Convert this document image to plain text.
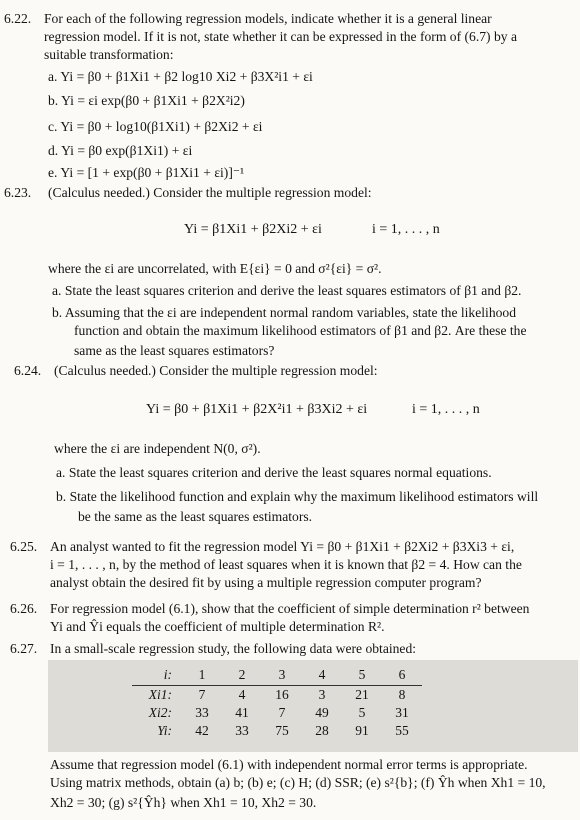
6.22. For each of the following regression models, indicate whether it is a general linear
regression model. If it is not, state whether it can be expressed in the form of (6.7) by a
suitable transformation:
a. Yi = β0 + β1Xi1 + β2 log10 Xi2 + β3X²i1 + εi
b. Yi = εi exp(β0 + β1Xi1 + β2X²i2)
c. Yi = β0 + log10(β1Xi1) + β2Xi2 + εi
d. Yi = β0 exp(β1Xi1) + εi
e. Yi = [1 + exp(β0 + β1Xi1 + εi)]⁻¹
6.23. (Calculus needed.) Consider the multiple regression model:
Yi = β1Xi1 + β2Xi2 + εi	i = 1, . . . , n
where the εi are uncorrelated, with E{εi} = 0 and σ²{εi} = σ².
a. State the least squares criterion and derive the least squares estimators of β1 and β2.
b. Assuming that the εi are independent normal random variables, state the likelihood
function and obtain the maximum likelihood estimators of β1 and β2. Are these the
same as the least squares estimators?
6.24. (Calculus needed.) Consider the multiple regression model:
Yi = β0 + β1Xi1 + β2X²i1 + β3Xi2 + εi	i = 1, . . . , n
where the εi are independent N(0, σ²).
a. State the least squares criterion and derive the least squares normal equations.
b. State the likelihood function and explain why the maximum likelihood estimators will
be the same as the least squares estimators.
6.25. An analyst wanted to fit the regression model Yi = β0 + β1Xi1 + β2Xi2 + β3Xi3 + εi,
i = 1, . . . , n, by the method of least squares when it is known that β2 = 4. How can the
analyst obtain the desired fit by using a multiple regression computer program?
6.26. For regression model (6.1), show that the coefficient of simple determination r² between
Yi and Ŷi equals the coefficient of multiple determination R².
6.27. In a small-scale regression study, the following data were obtained:
i:	1	2	3	4	5	6
Xi1:	7	4	16	3	21	8
Xi2:	33	41	7	49	5	31
Yi:	42	33	75	28	91	55
Assume that regression model (6.1) with independent normal error terms is appropriate.
Using matrix methods, obtain (a) b; (b) e; (c) H; (d) SSR; (e) s²{b}; (f) Ŷh when Xh1 = 10,
Xh2 = 30; (g) s²{Ŷh} when Xh1 = 10, Xh2 = 30.
